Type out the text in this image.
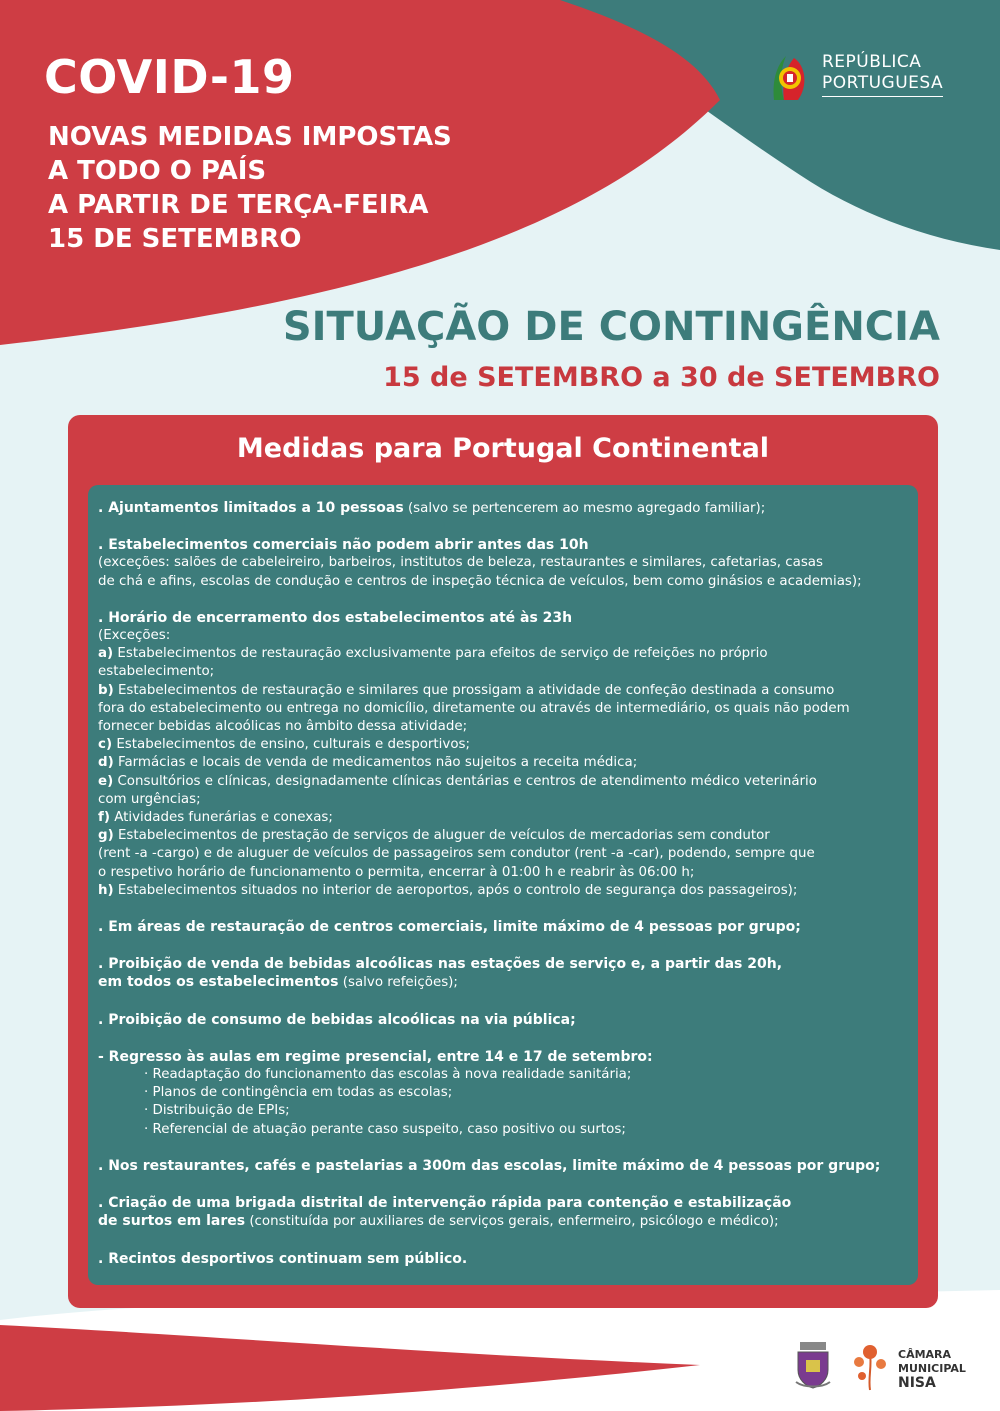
COVID-19
NOVAS MEDIDAS IMPOSTAS
A TODO O PAÍS
A PARTIR DE TERÇA-FEIRA
15 DE SETEMBRO
REPÚBLICA
PORTUGUESA
SITUAÇÃO DE CONTINGÊNCIA
15 de SETEMBRO a 30 de SETEMBRO
Medidas para Portugal Continental

. Ajuntamentos limitados a 10 pessoas (salvo se pertencerem ao mesmo agregado familiar);

. Estabelecimentos comerciais não podem abrir antes das 10h
(exceções: salões de cabeleireiro, barbeiros, institutos de beleza, restaurantes e similares, cafetarias, casas
de chá e afins, escolas de condução e centros de inspeção técnica de veículos, bem como ginásios e academias);

. Horário de encerramento dos estabelecimentos até às 23h
(Exceções:
a) Estabelecimentos de restauração exclusivamente para efeitos de serviço de refeições no próprio
estabelecimento;
b) Estabelecimentos de restauração e similares que prossigam a atividade de confeção destinada a consumo
fora do estabelecimento ou entrega no domicílio, diretamente ou através de intermediário, os quais não podem
fornecer bebidas alcoólicas no âmbito dessa atividade;
c) Estabelecimentos de ensino, culturais e desportivos;
d) Farmácias e locais de venda de medicamentos não sujeitos a receita médica;
e) Consultórios e clínicas, designadamente clínicas dentárias e centros de atendimento médico veterinário
com urgências;
f) Atividades funerárias e conexas;
g) Estabelecimentos de prestação de serviços de aluguer de veículos de mercadorias sem condutor
(rent -a -cargo) e de aluguer de veículos de passageiros sem condutor (rent -a -car), podendo, sempre que
o respetivo horário de funcionamento o permita, encerrar à 01:00 h e reabrir às 06:00 h;
h) Estabelecimentos situados no interior de aeroportos, após o controlo de segurança dos passageiros);

. Em áreas de restauração de centros comerciais, limite máximo de 4 pessoas por grupo;

. Proibição de venda de bebidas alcoólicas nas estações de serviço e, a partir das 20h,
em todos os estabelecimentos (salvo refeições);

. Proibição de consumo de bebidas alcoólicas na via pública;

- Regresso às aulas em regime presencial, entre 14 e 17 de setembro:
· Readaptação do funcionamento das escolas à nova realidade sanitária;
· Planos de contingência em todas as escolas;
· Distribuição de EPIs;
· Referencial de atuação perante caso suspeito, caso positivo ou surtos;

. Nos restaurantes, cafés e pastelarias a 300m das escolas, limite máximo de 4 pessoas por grupo;

. Criação de uma brigada distrital de intervenção rápida para contenção e estabilização
de surtos em lares (constituída por auxiliares de serviços gerais, enfermeiro, psicólogo e médico);

. Recintos desportivos continuam sem público.

CÂMARA
MUNICIPAL
NISA
